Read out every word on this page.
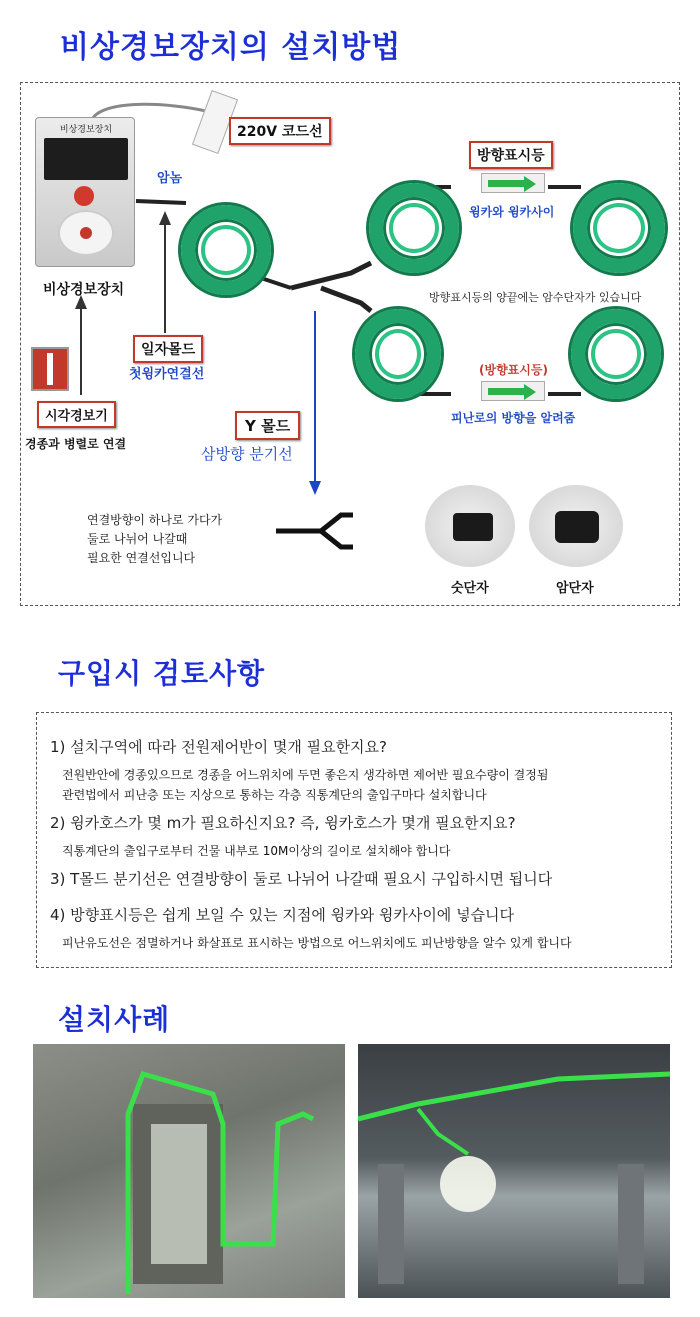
비상경보장치의 설치방법
비상경보장치
비상경보장치
220V 코드선
암놈
방향표시등
윙카와 윙카사이
방향표시등의 양끝에는 암수단자가 있습니다
(방향표시등)
피난로의 방향을 알려줌
일자몰드
첫윙카연결선
시각경보기
경종과 병렬로 연결
Y 몰드
삼방향 분기선
연결방향이 하나로 가다가
둘로 나뉘어 나갈때
필요한 연결선입니다
숫단자	암단자
구입시 검토사항
1) 설치구역에 따라 전원제어반이 몇개 필요한지요?
전원반안에 경종있으므로 경종을 어느위치에 두면 좋은지 생각하면 제어반 필요수량이 결정됨
관련법에서 피난층 또는 지상으로 통하는 각층 직통계단의 출입구마다 설치합니다
2) 윙카호스가 몇 m가 필요하신지요? 즉, 윙카호스가 몇개 필요한지요?
직통계단의 출입구로부터 건물 내부로 10M이상의 길이로 설치해야 합니다
3) T몰드 분기선은 연결방향이 둘로 나뉘어 나갈때 필요시 구입하시면 됩니다
4) 방향표시등은 쉽게 보일 수 있는 지점에 윙카와 윙카사이에 넣습니다
피난유도선은 점멸하거나 화살표로 표시하는 방법으로 어느위치에도 피난방향을 알수 있게 합니다
설치사례
